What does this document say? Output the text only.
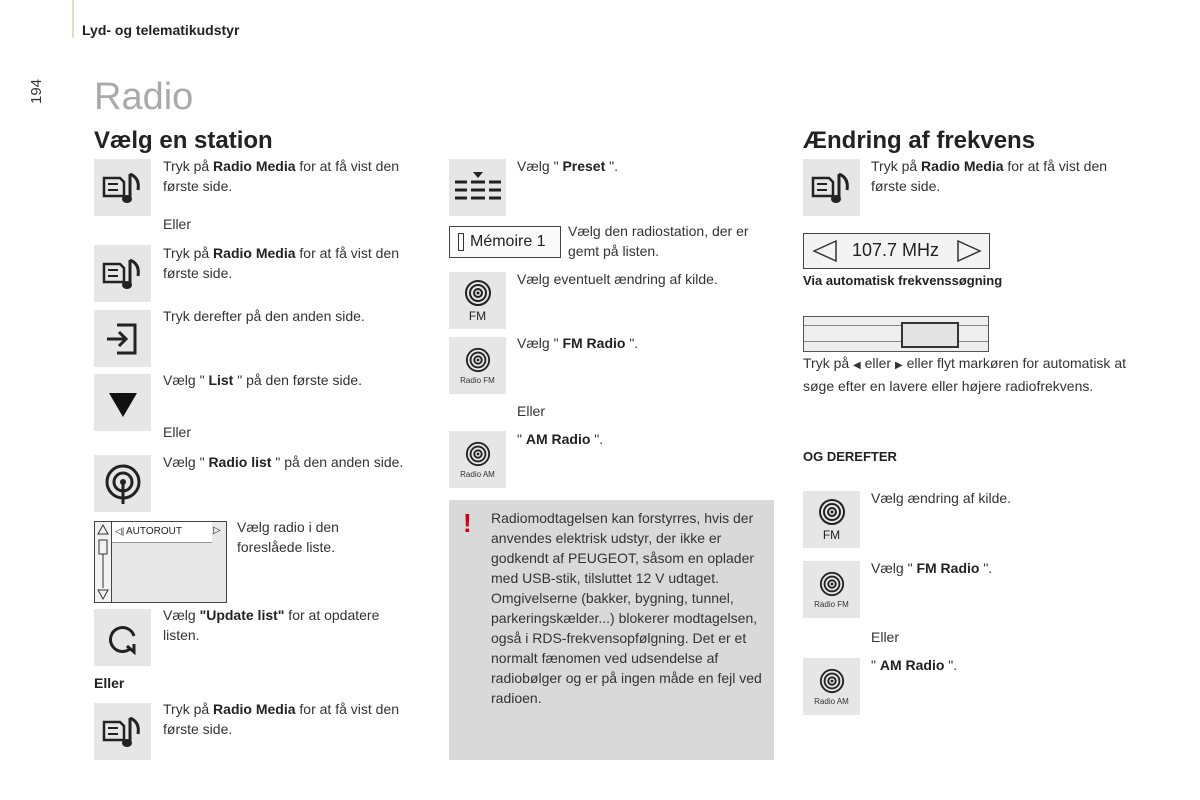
Lyd- og telematikudstyr
194 Radio
Vælg en station
Tryk på Radio Media for at få vist den første side.
Eller
Tryk på Radio Media for at få vist den første side.
Tryk derefter på den anden side.
Vælg " List " på den første side.
Eller
Vælg " Radio list " på den anden side.
◁| AUTOROUT	▷ Vælg radio i den foreslåede liste.
Vælg "Update list" for at opdatere listen.
Eller
Tryk på Radio Media for at få vist den første side.
Vælg " Preset ".
Mémoire 1
Vælg den radiostation, der er gemt på listen.
FM
Vælg eventuelt ændring af kilde.
Radio FM
Vælg " FM Radio ".
Eller
Radio AM
" AM Radio ".
! Radiomodtagelsen kan forstyrres, hvis der anvendes elektrisk udstyr, der ikke er godkendt af PEUGEOT, såsom en oplader med USB-stik, tilsluttet 12 V udtaget.
Omgivelserne (bakker, bygning, tunnel, parkeringskælder...) blokerer modtagelsen, også i RDS-frekvensopfølgning. Det er et normalt fænomen ved udsendelse af radiobølger og er på ingen måde en fejl ved radioen.
Ændring af frekvens
Tryk på Radio Media for at få vist den første side.
107.7 MHz
Via automatisk frekvenssøgning
Tryk på ◀ eller ▶ eller flyt markøren for automatisk at søge efter en lavere eller højere radiofrekvens.
OG DEREFTER
FM
Vælg ændring af kilde.
Radio FM
Vælg " FM Radio ".
Eller
Radio AM
" AM Radio ".
